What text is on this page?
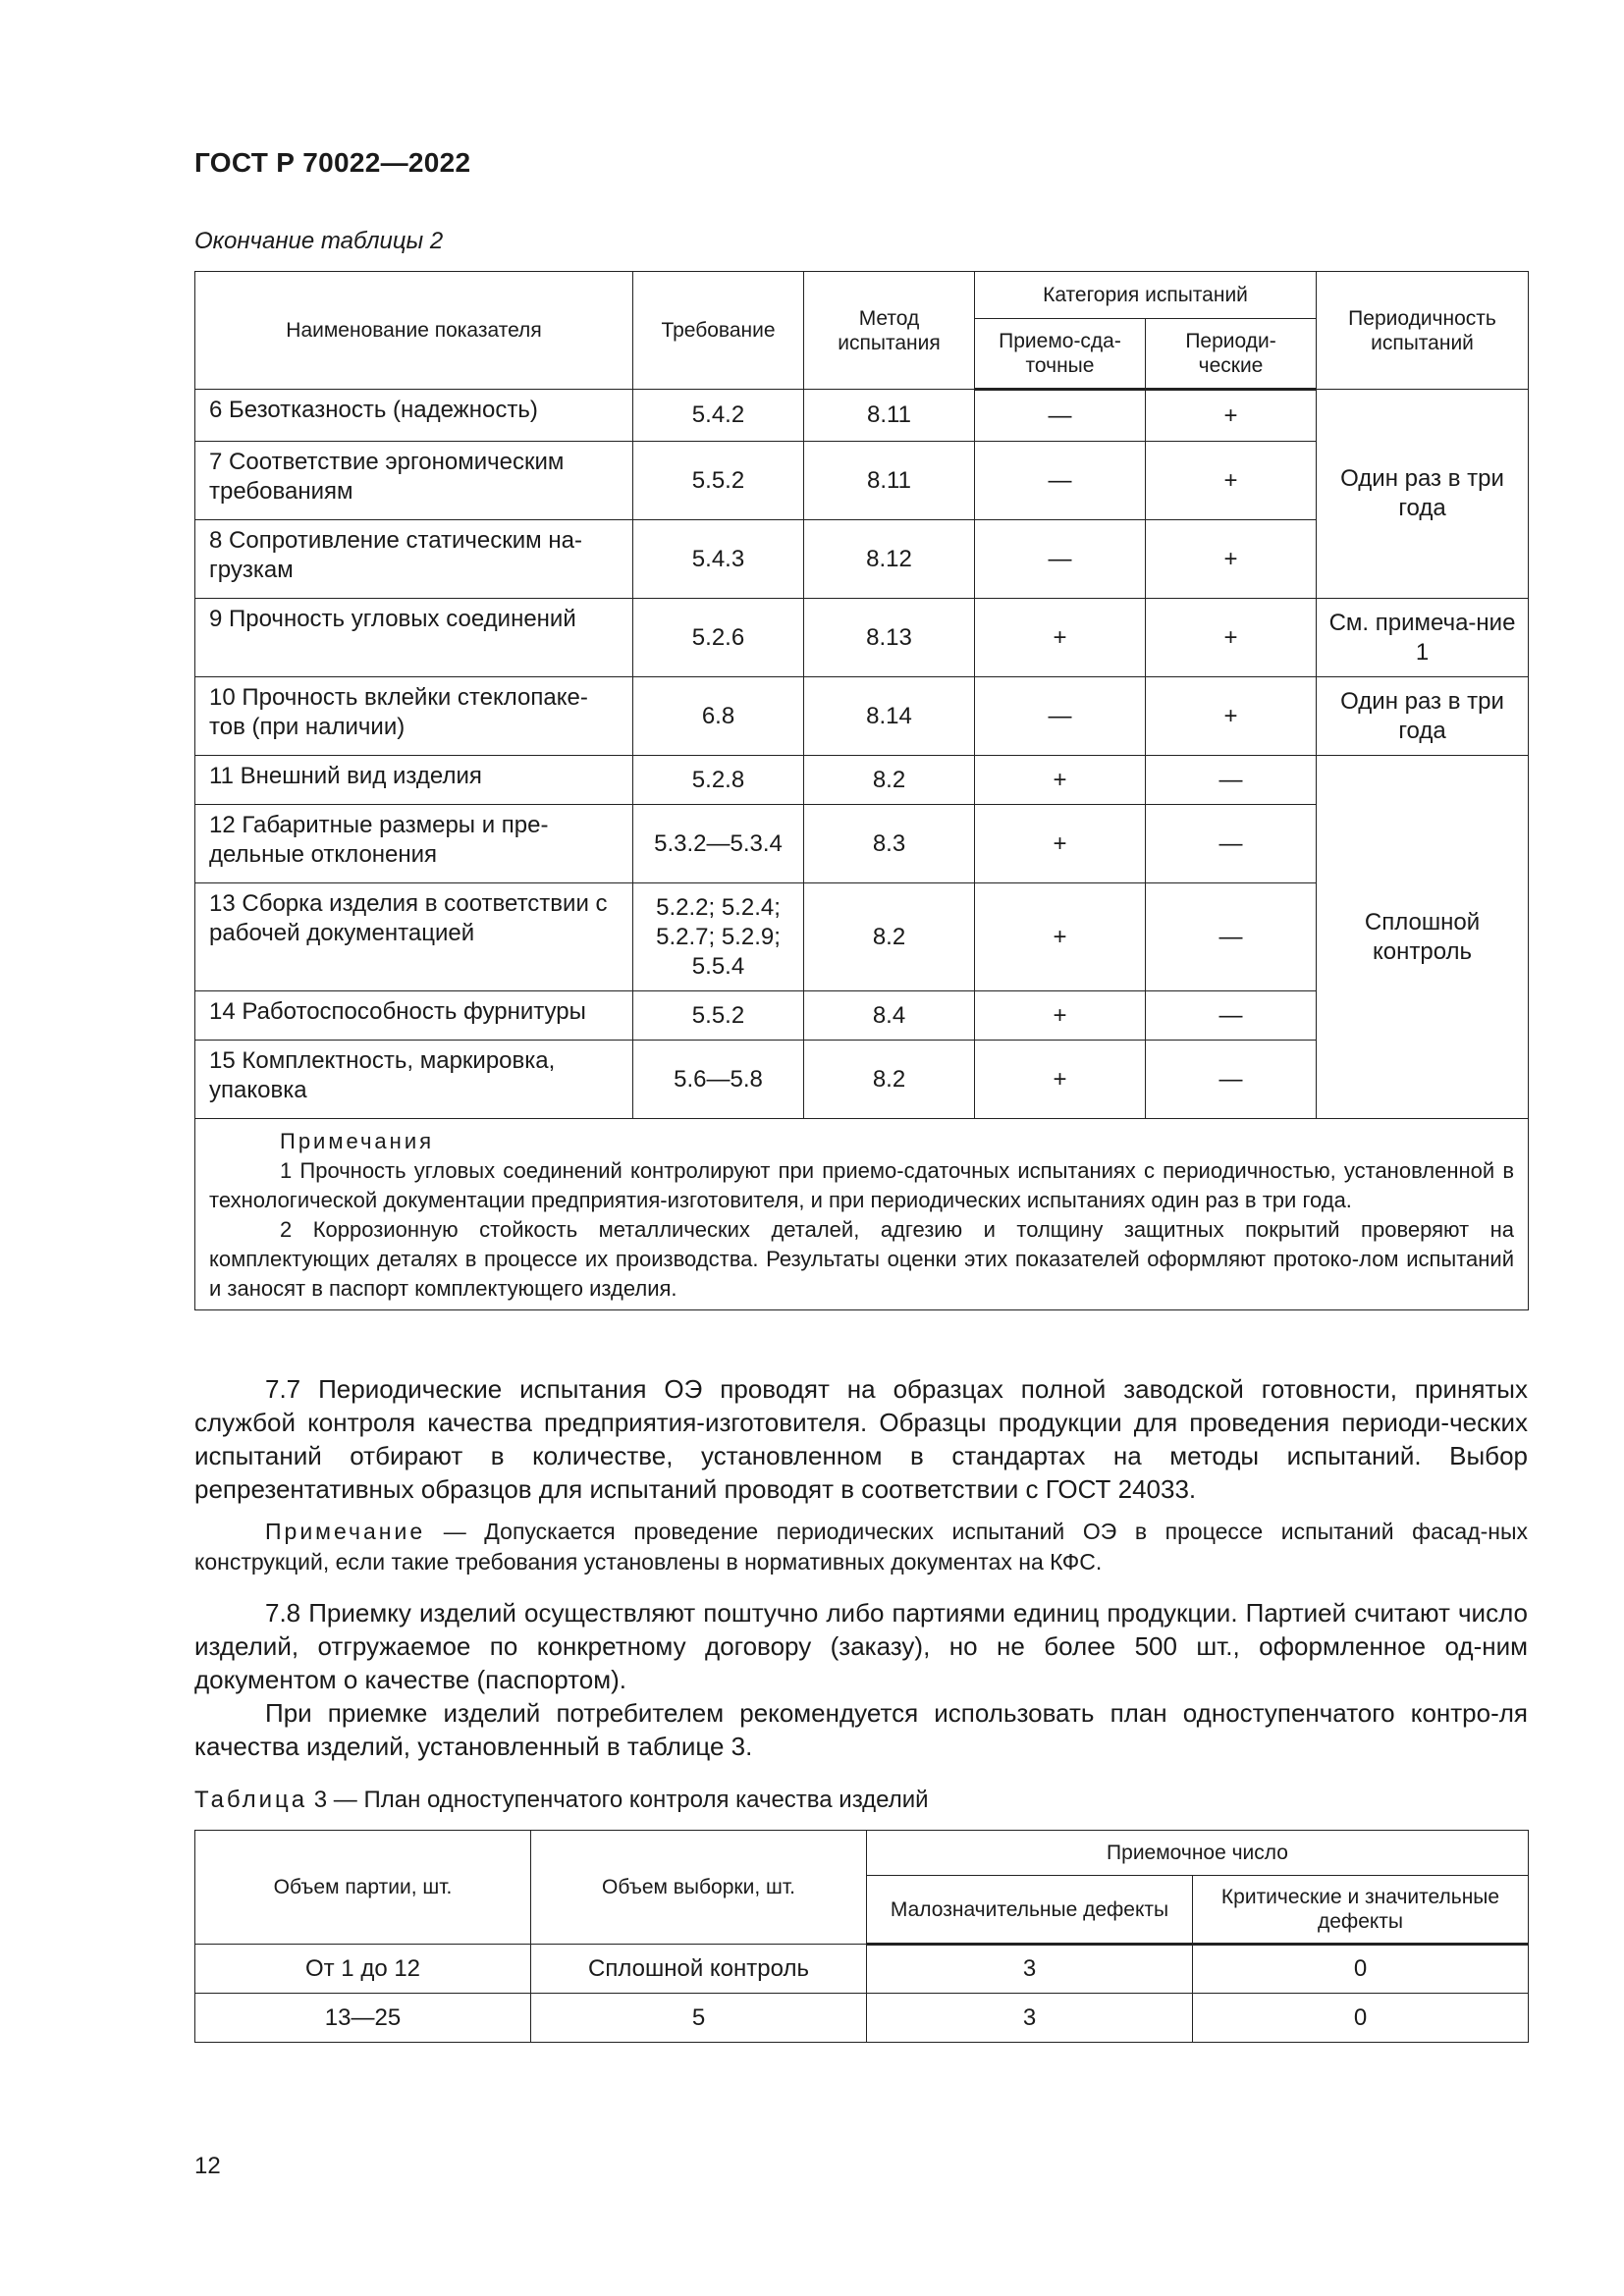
ГОСТ Р 70022—2022
Окончание таблицы 2
Наименование показателя	Требование	Метод испытания	Категория испытаний		Периодичность испытаний
			Приемо-сда-точные	Периоди-ческие	
6 Безотказность (надежность)	5.4.2	8.11	—	+	Один раз в три года
7 Соответствие эргономическим требованиям	5.5.2	8.11	—	+	
8 Сопротивление статическим на-грузкам	5.4.3	8.12	—	+	
9 Прочность угловых соединений	5.2.6	8.13	+	+	См. примеча-ние 1
10 Прочность вклейки стеклопаке-тов (при наличии)	6.8	8.14	—	+	Один раз в три года
11 Внешний вид изделия	5.2.8	8.2	+	—	Сплошной контроль
12 Габаритные размеры и пре-дельные отклонения	5.3.2—5.3.4	8.3	+	—	
13 Сборка изделия в соответствии с рабочей документацией	5.2.2; 5.2.4; 5.2.7; 5.2.9; 5.5.4	8.2	+	—	
14 Работоспособность фурнитуры	5.5.2	8.4	+	—	
15 Комплектность, маркировка, упаковка	5.6—5.8	8.2	+	—	

Примечания

1 Прочность угловых соединений контролируют при приемо-сдаточных испытаниях с периодичностью, установленной в технологической документации предприятия-изготовителя, и при периодических испытаниях один раз в три года.

2 Коррозионную стойкость металлических деталей, адгезию и толщину защитных покрытий проверяют на комплектующих деталях в процессе их производства. Результаты оценки этих показателей оформляют протоко-лом испытаний и заносят в паспорт комплектующего изделия.					

7.7 Периодические испытания ОЭ проводят на образцах полной заводской готовности, принятых службой контроля качества предприятия-изготовителя. Образцы продукции для проведения периоди-ческих испытаний отбирают в количестве, установленном в стандартах на методы испытаний. Выбор репрезентативных образцов для испытаний проводят в соответствии с ГОСТ 24033.

Примечание — Допускается проведение периодических испытаний ОЭ в процессе испытаний фасад-ных конструкций, если такие требования установлены в нормативных документах на КФС.

7.8 Приемку изделий осуществляют поштучно либо партиями единиц продукции. Партией считают число изделий, отгружаемое по конкретному договору (заказу), но не более 500 шт., оформленное од-ним документом о качестве (паспортом).

При приемке изделий потребителем рекомендуется использовать план одноступенчатого контро-ля качества изделий, установленный в таблице 3.

Таблица 3 — План одноступенчатого контроля качества изделий
Объем партии, шт.	Объем выборки, шт.	Приемочное число	
		Малозначительные дефекты	Критические и значительные дефекты
От 1 до 12	Сплошной контроль	3	0
13—25	5	3	0
12
